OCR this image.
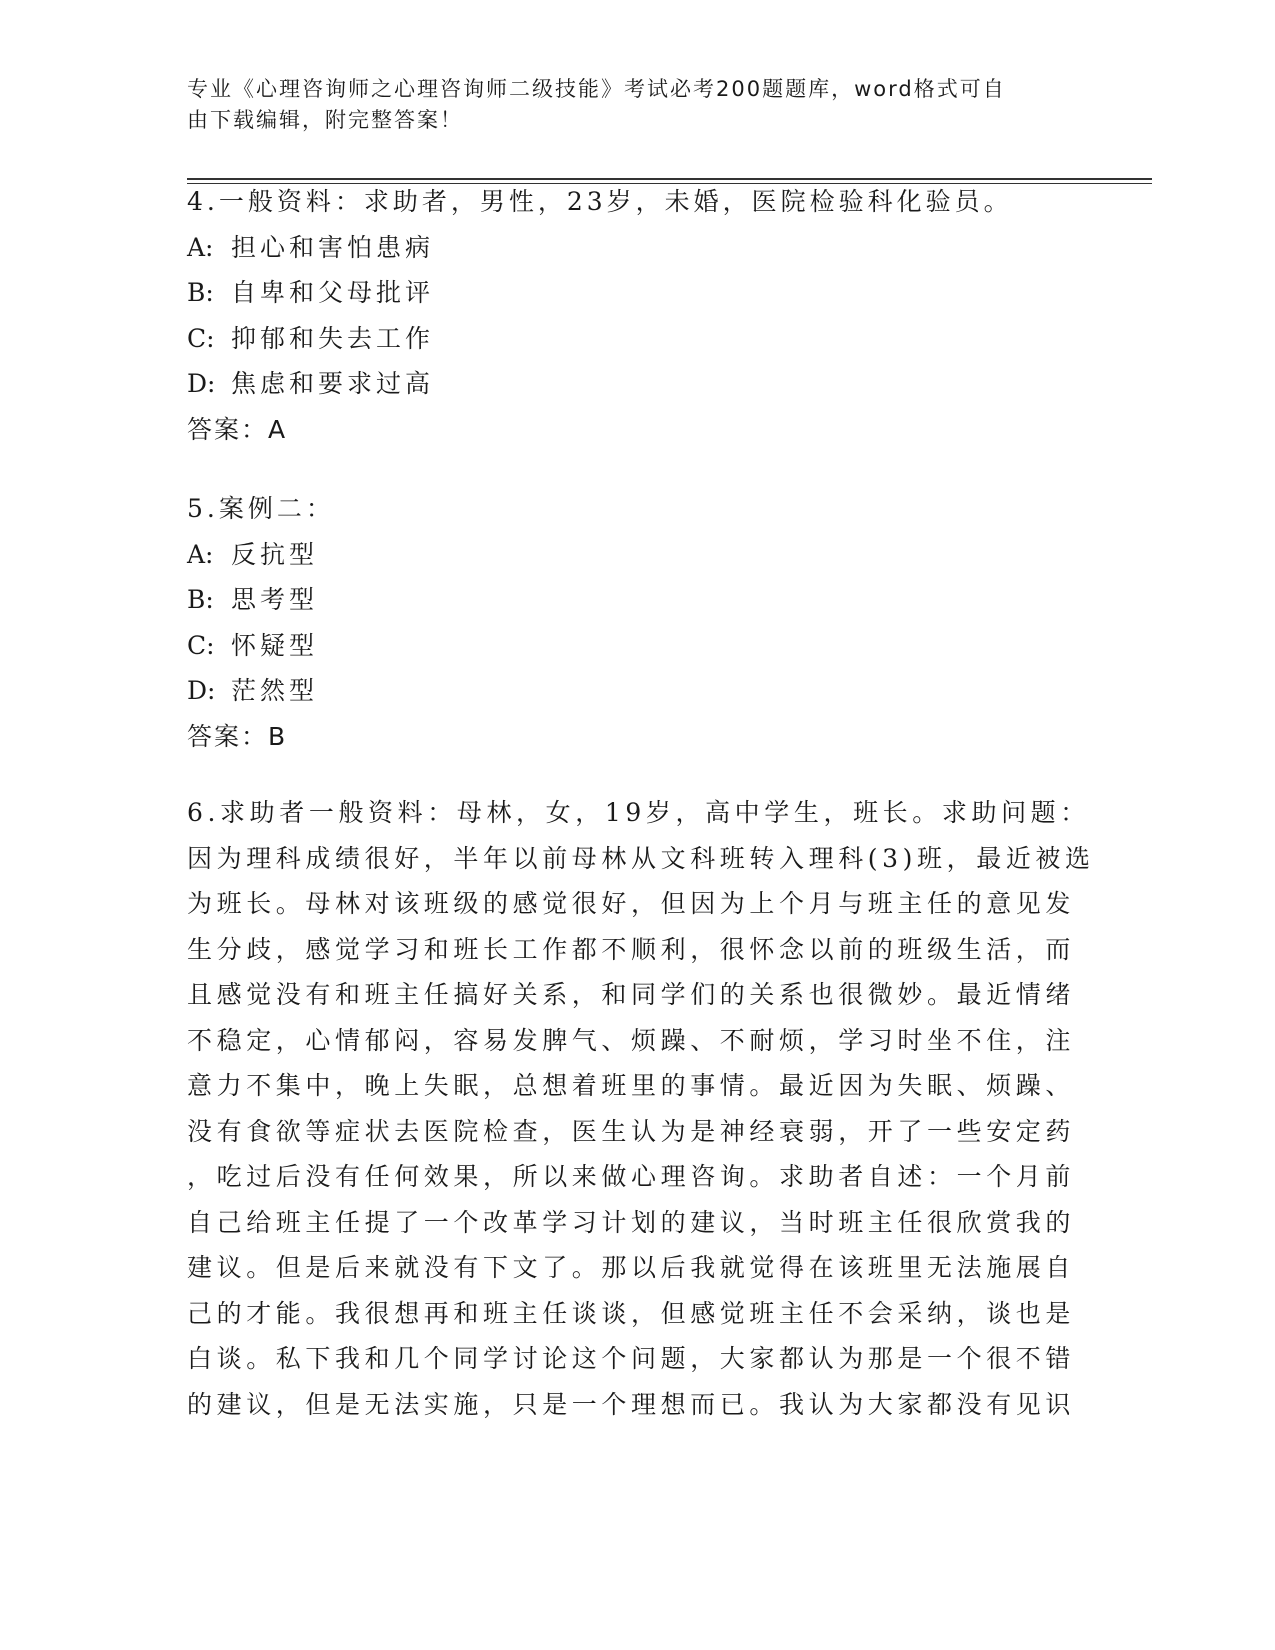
专业《心理咨询师之心理咨询师二级技能》考试必考200题题库，word格式可自
由下载编辑，附完整答案！

4.一般资料：求助者，男性，23岁，未婚，医院检验科化验员。

A: 担心和害怕患病

B: 自卑和父母批评

C: 抑郁和失去工作

D: 焦虑和要求过高

答案：A

5.案例二：

A: 反抗型

B: 思考型

C: 怀疑型

D: 茫然型

答案：B

6.求助者一般资料：母林，女，19岁，高中学生，班长。求助问题：

因为理科成绩很好，半年以前母林从文科班转入理科(3)班，最近被选

为班长。母林对该班级的感觉很好，但因为上个月与班主任的意见发

生分歧，感觉学习和班长工作都不顺利，很怀念以前的班级生活，而

且感觉没有和班主任搞好关系，和同学们的关系也很微妙。最近情绪

不稳定，心情郁闷，容易发脾气、烦躁、不耐烦，学习时坐不住，注

意力不集中，晚上失眠，总想着班里的事情。最近因为失眠、烦躁、

没有食欲等症状去医院检查，医生认为是神经衰弱，开了一些安定药

，吃过后没有任何效果，所以来做心理咨询。求助者自述：一个月前

自己给班主任提了一个改革学习计划的建议，当时班主任很欣赏我的

建议。但是后来就没有下文了。那以后我就觉得在该班里无法施展自

己的才能。我很想再和班主任谈谈，但感觉班主任不会采纳，谈也是

白谈。私下我和几个同学讨论这个问题，大家都认为那是一个很不错

的建议，但是无法实施，只是一个理想而已。我认为大家都没有见识
